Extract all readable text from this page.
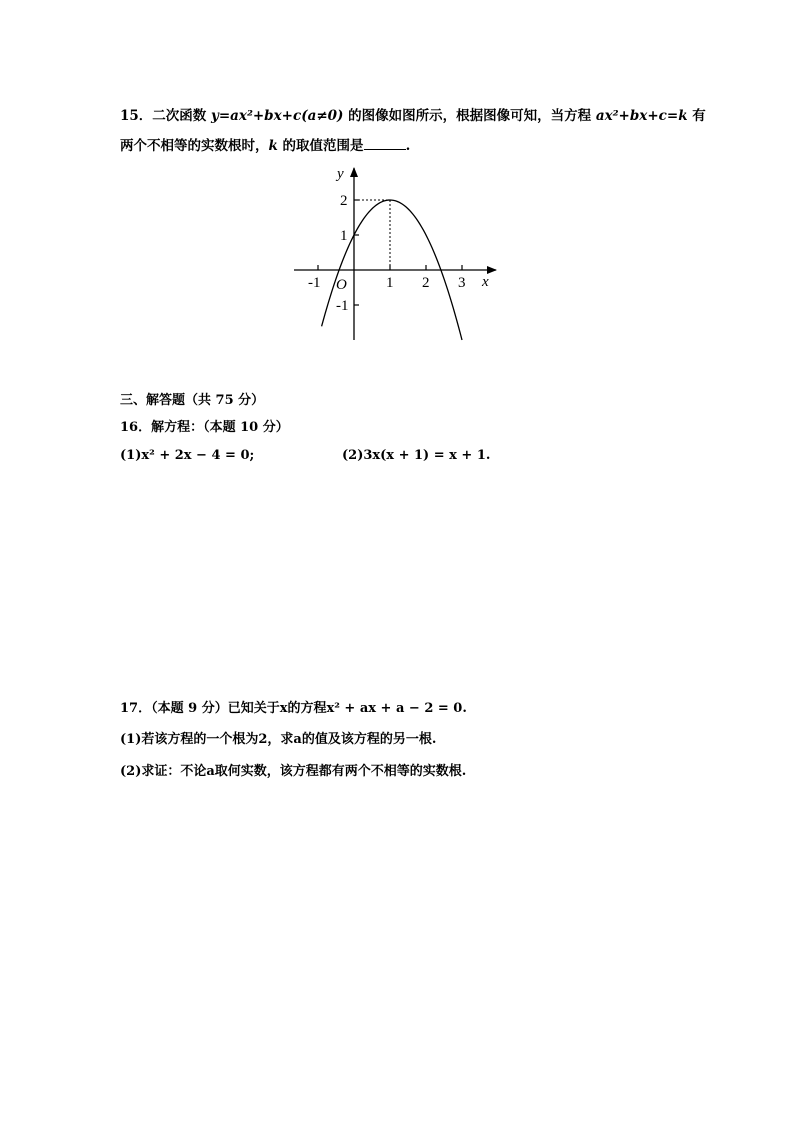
15．二次函数 y=ax²+bx+c(a≠0) 的图像如图所示，根据图像可知，当方程 ax²+bx+c=k 有
两个不相等的实数根时，k 的取值范围是	.
y
x
O
-1	1 2 3
2
1
-1
三、解答题（共 75 分）
16．解方程：（本题 10 分）
(1)x² + 2x − 4 = 0;	(2)3x(x + 1) = x + 1.
17．（本题 9 分）已知关于x的方程x² + ax + a − 2 = 0.
(1)若该方程的一个根为2，求a的值及该方程的另一根.
(2)求证：不论a取何实数，该方程都有两个不相等的实数根.
